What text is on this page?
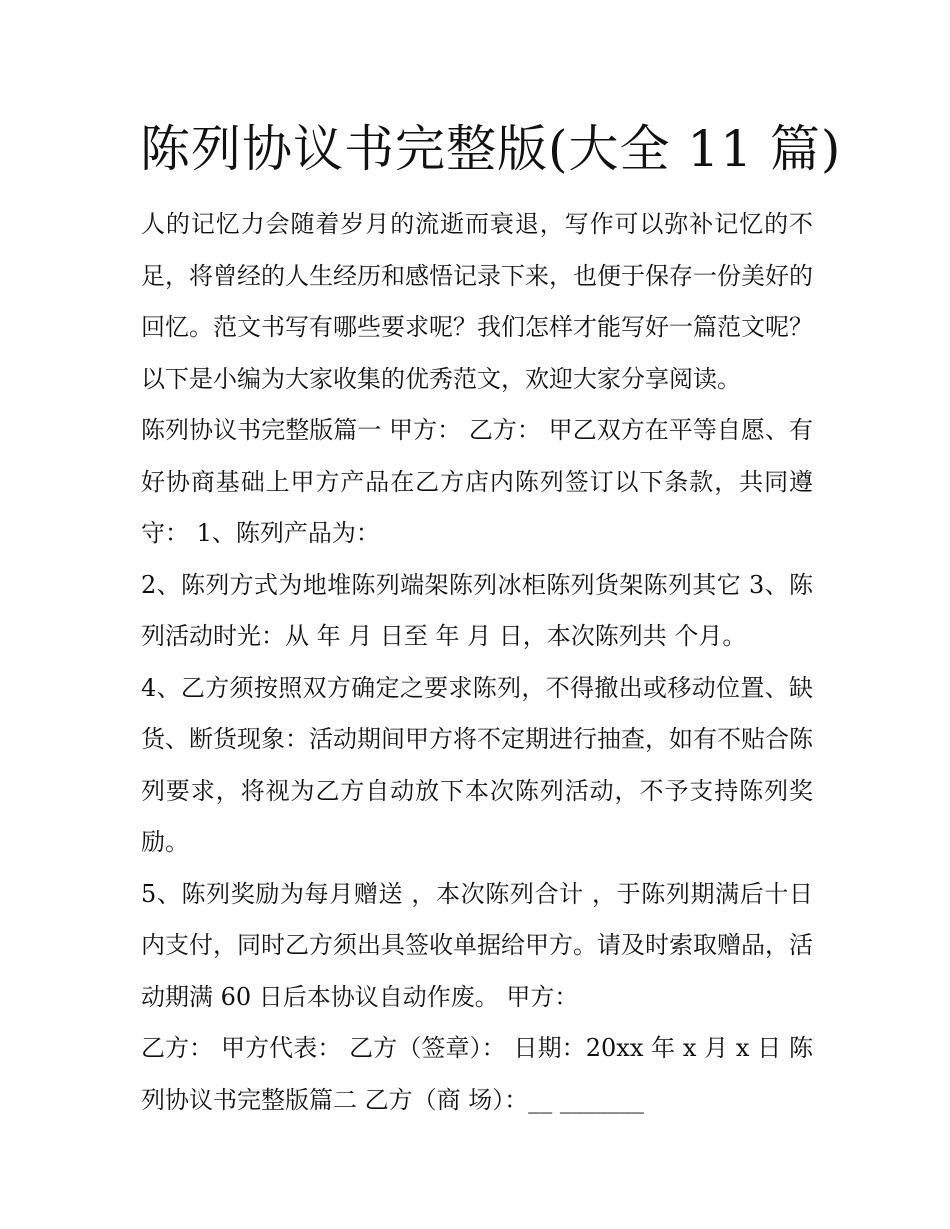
陈列协议书完整版(大全 11 篇)

人的记忆力会随着岁月的流逝而衰退，写作可以弥补记忆的不足，将曾经的人生经历和感悟记录下来，也便于保存一份美好的回忆。范文书写有哪些要求呢？我们怎样才能写好一篇范文呢？以下是小编为大家收集的优秀范文，欢迎大家分享阅读。

陈列协议书完整版篇一 甲方： 乙方： 甲乙双方在平等自愿、有好协商基础上甲方产品在乙方店内陈列签订以下条款，共同遵守： 1、陈列产品为：

2、陈列方式为地堆陈列端架陈列冰柜陈列货架陈列其它 3、陈列活动时光：从 年 月 日至 年 月 日，本次陈列共 个月。

4、乙方须按照双方确定之要求陈列，不得撤出或移动位置、缺货、断货现象：活动期间甲方将不定期进行抽查，如有不贴合陈列要求，将视为乙方自动放下本次陈列活动，不予支持陈列奖励。

5、陈列奖励为每月赠送 ，本次陈列合计 ，于陈列期满后十日内支付，同时乙方须出具签收单据给甲方。请及时索取赠品，活动期满 60 日后本协议自动作废。 甲方：

乙方： 甲方代表： 乙方（签章）： 日期：20xx 年 x 月 x 日 陈列协议书完整版篇二 乙方（商 场）：__ _______
